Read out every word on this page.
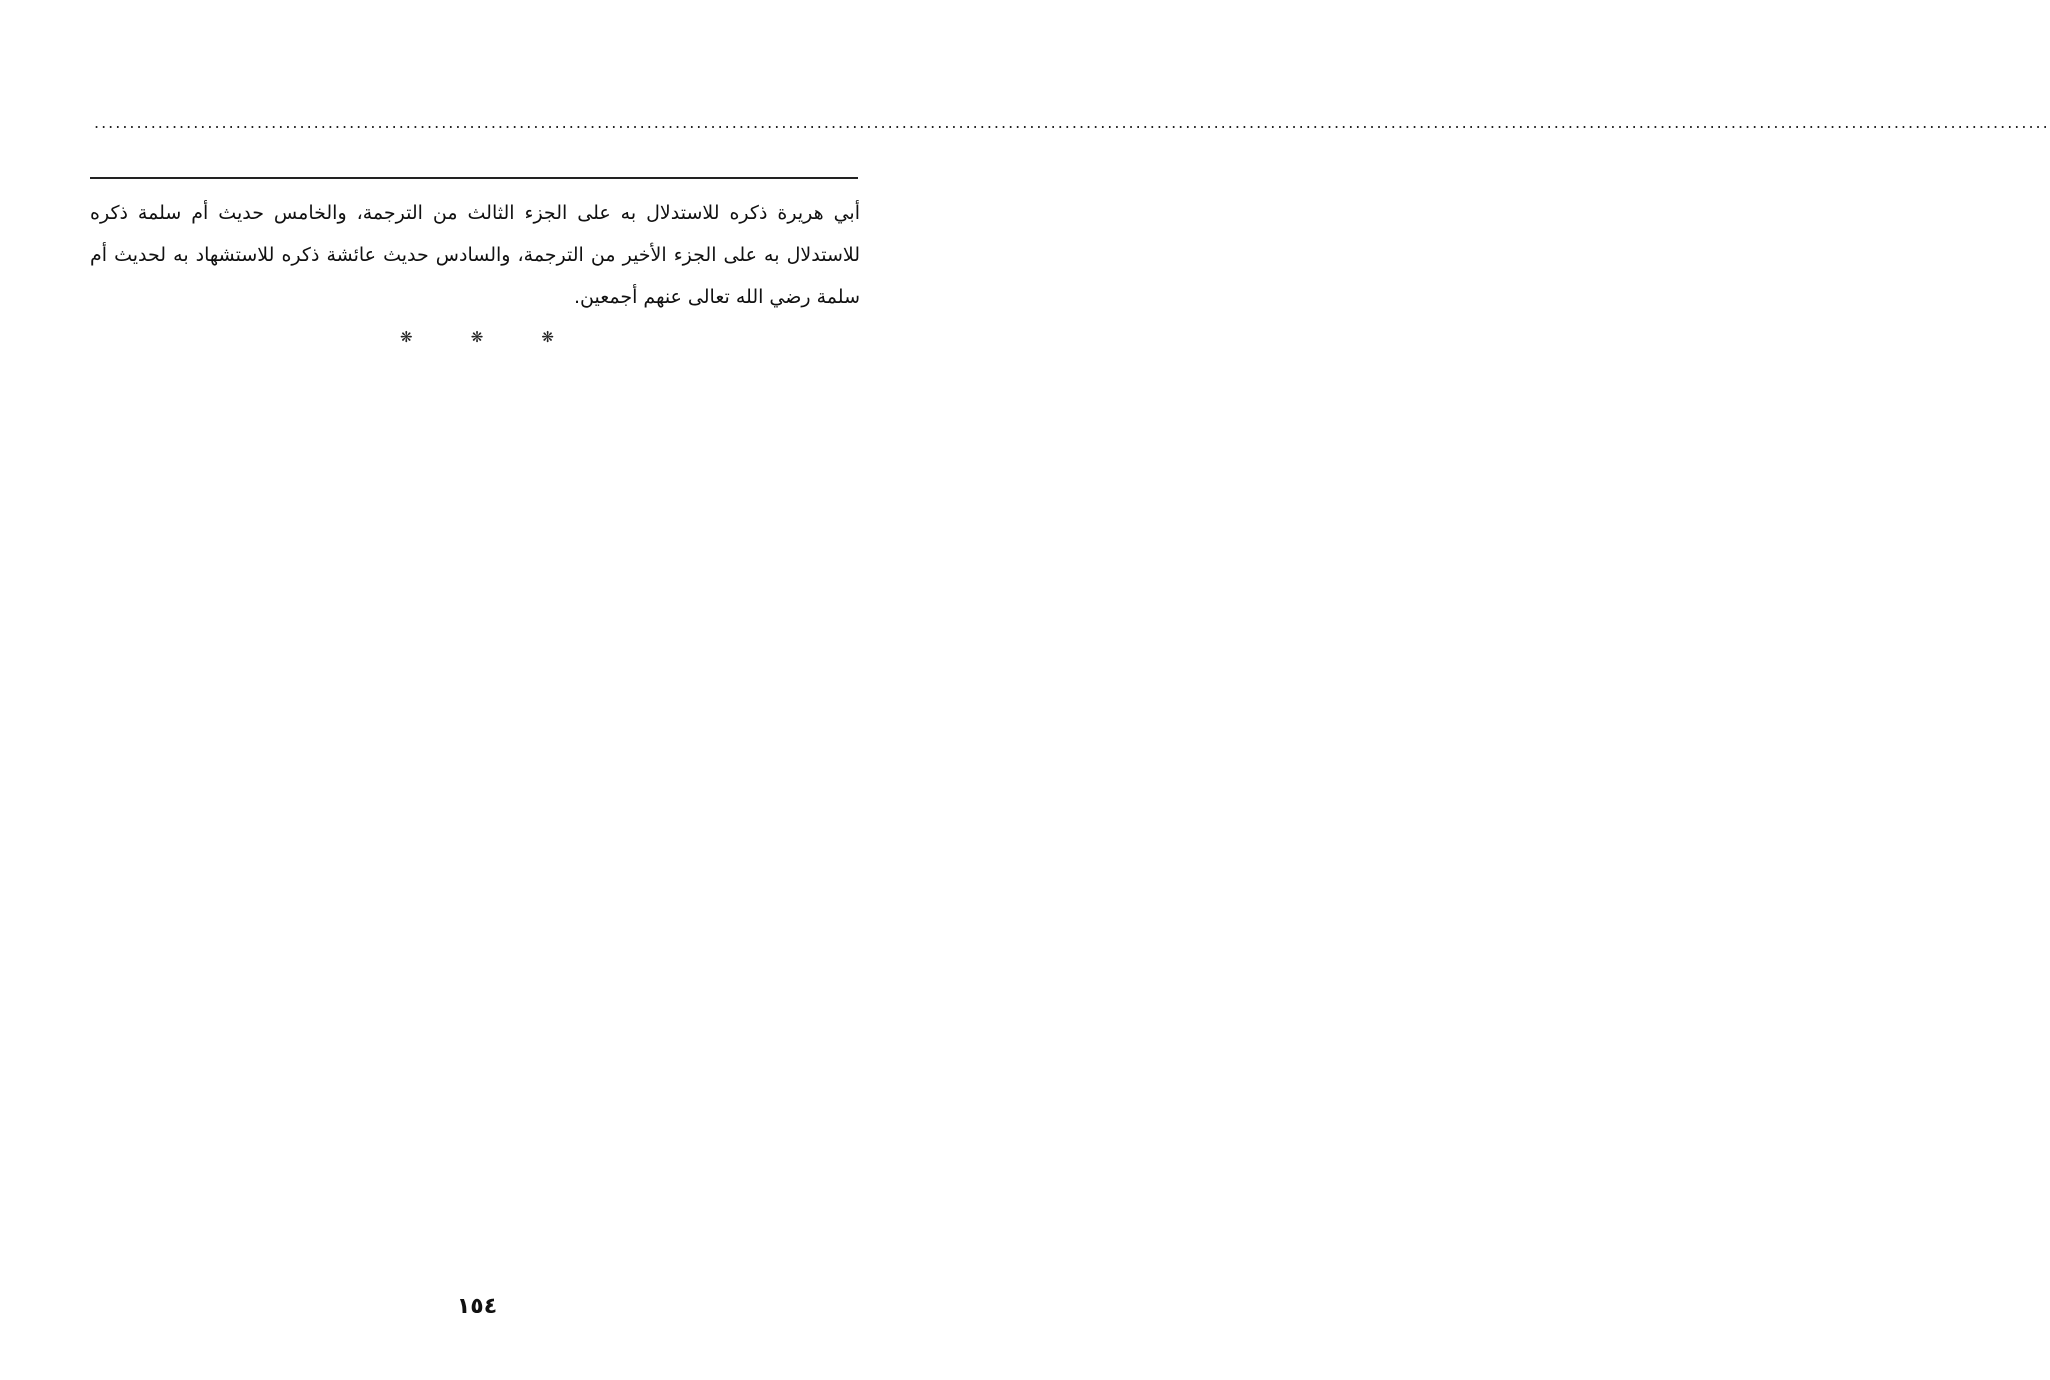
....................................................................................................................................................................................................................................................................................

أبي هريرة ذكره للاستدلال به على الجزء الثالث من الترجمة، والخامس حديث أم سلمة ذكره للاستدلال به على الجزء الأخير من الترجمة، والسادس حديث عائشة ذكره للاستشهاد به لحديث أم سلمة رضي الله تعالى عنهم أجمعين.

❋	❋	❋
١٥٤
